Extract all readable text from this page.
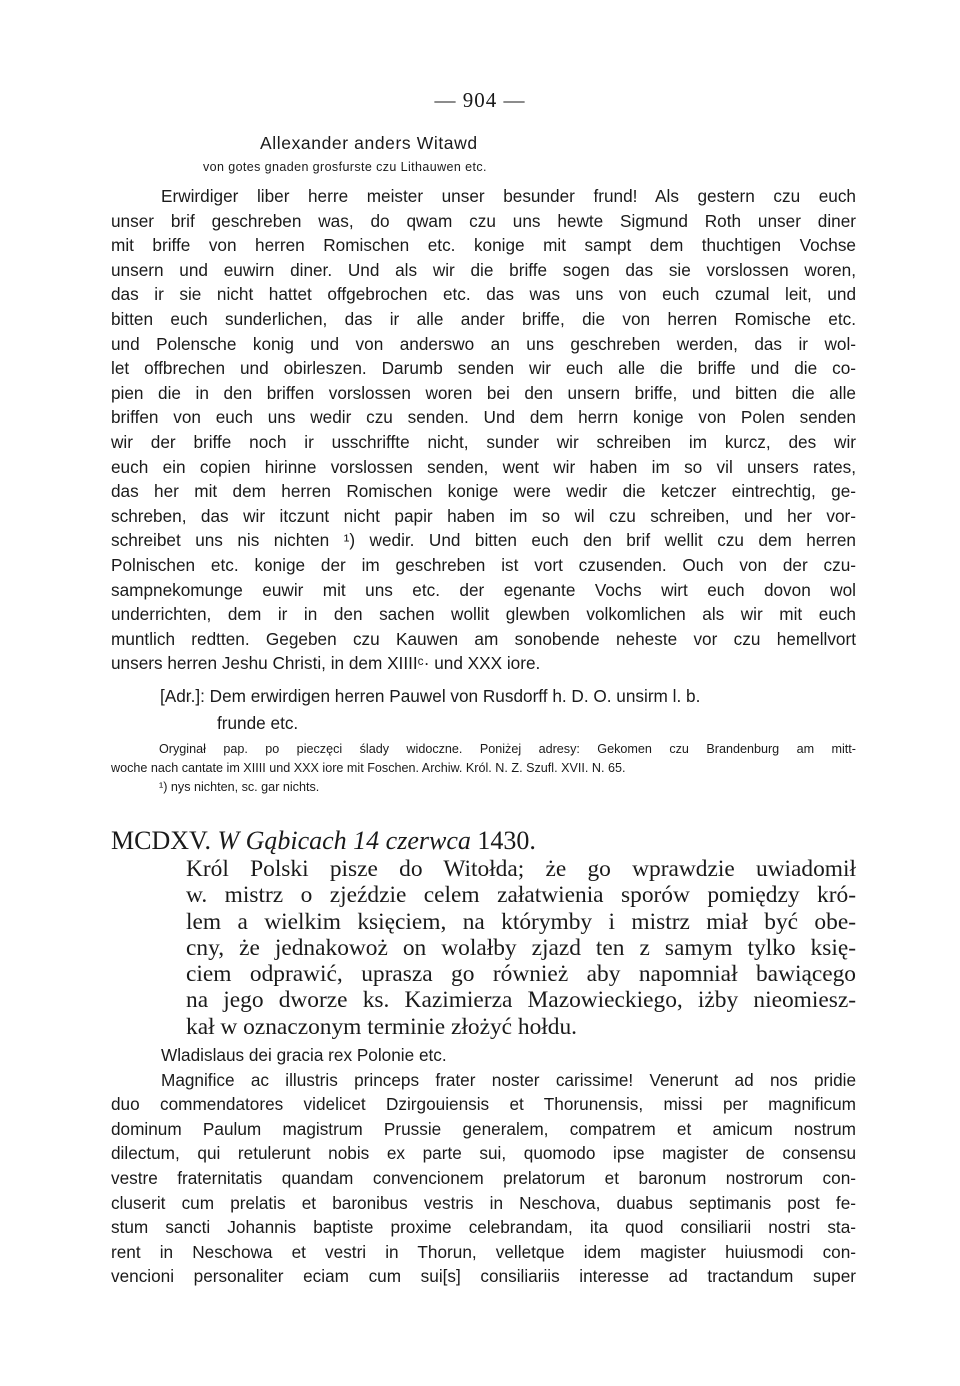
— 904 —
Allexander anders Witawd
von gotes gnaden grosfurste czu Lithauwen etc.
Erwirdiger liber herre meister unser besunder frund! Als gestern czu euch
unser brif geschreben was, do qwam czu uns hewte Sigmund Roth unser diner
mit briffe von herren Romischen etc. konige mit sampt dem thuchtigen Vochse
unsern und euwirn diner. Und als wir die briffe sogen das sie vorslossen woren,
das ir sie nicht hattet offgebrochen etc. das was uns von euch czumal leit, und
bitten euch sunderlichen, das ir alle ander briffe, die von herren Romische etc.
und Polensche konig und von anderswo an uns geschreben werden, das ir wol-
let offbrechen und obirleszen. Darumb senden wir euch alle die briffe und die co-
pien die in den briffen vorslossen woren bei den unsern briffe, und bitten die alle
briffen von euch uns wedir czu senden. Und dem herrn konige von Polen senden
wir der briffe noch ir usschriffte nicht, sunder wir schreiben im kurcz, des wir
euch ein copien hirinne vorslossen senden, went wir haben im so vil unsers rates,
das her mit dem herren Romischen konige were wedir die ketczer eintrechtig, ge-
schreben, das wir itczunt nicht papir haben im so wil czu schreiben, und her vor-
schreibet uns nis nichten ¹) wedir. Und bitten euch den brif wellit czu dem herren
Polnischen etc. konige der im geschreben ist vort czusenden. Ouch von der czu-
sampnekomunge euwir mit uns etc. der egenante Vochs wirt euch dovon wol
underrichten, dem ir in den sachen wollit glewben volkomlichen als wir mit euch
muntlich redtten. Gegeben czu Kauwen am sonobende neheste vor czu hemellvort
unsers herren Jeshu Christi, in dem XIIIIᶜ· und XXX iore.
[Adr.]: Dem erwirdigen herren Pauwel von Rusdorff h. D. O. unsirm l. b.
frunde etc.
Oryginał pap. po pieczęci ślady widoczne. Poniżej adresy: Gekomen czu Brandenburg am mitt-
woche nach cantate im XIIII und XXX iore mit Foschen. Archiw. Król. N. Z. Szufl. XVII. N. 65.
¹) nys nichten, sc. gar nichts.
MCDXV. W Gąbicach 14 czerwca 1430.
Król Polski pisze do Witołda; że go wprawdzie uwiadomił
w. mistrz o zjeździe celem załatwienia sporów pomiędzy kró-
lem a wielkim księciem, na którymby i mistrz miał być obe-
cny, że jednakowoż on wolałby zjazd ten z samym tylko księ-
ciem odprawić, uprasza go również aby napomniał bawiącego
na jego dworze ks. Kazimierza Mazowieckiego, iżby nieomiesz-
kał w oznaczonym terminie złożyć hołdu.
Wladislaus dei gracia rex Polonie etc.
Magnifice ac illustris princeps frater noster carissime! Venerunt ad nos pridie
duo commendatores videlicet Dzirgouiensis et Thorunensis, missi per magnificum
dominum Paulum magistrum Prussie generalem, compatrem et amicum nostrum
dilectum, qui retulerunt nobis ex parte sui, quomodo ipse magister de consensu
vestre fraternitatis quandam convencionem prelatorum et baronum nostrorum con-
cluserit cum prelatis et baronibus vestris in Neschova, duabus septimanis post fe-
stum sancti Johannis baptiste proxime celebrandam, ita quod consiliarii nostri sta-
rent in Neschowa et vestri in Thorun, velletque idem magister huiusmodi con-
vencioni personaliter eciam cum sui[s] consiliariis interesse ad tractandum super
